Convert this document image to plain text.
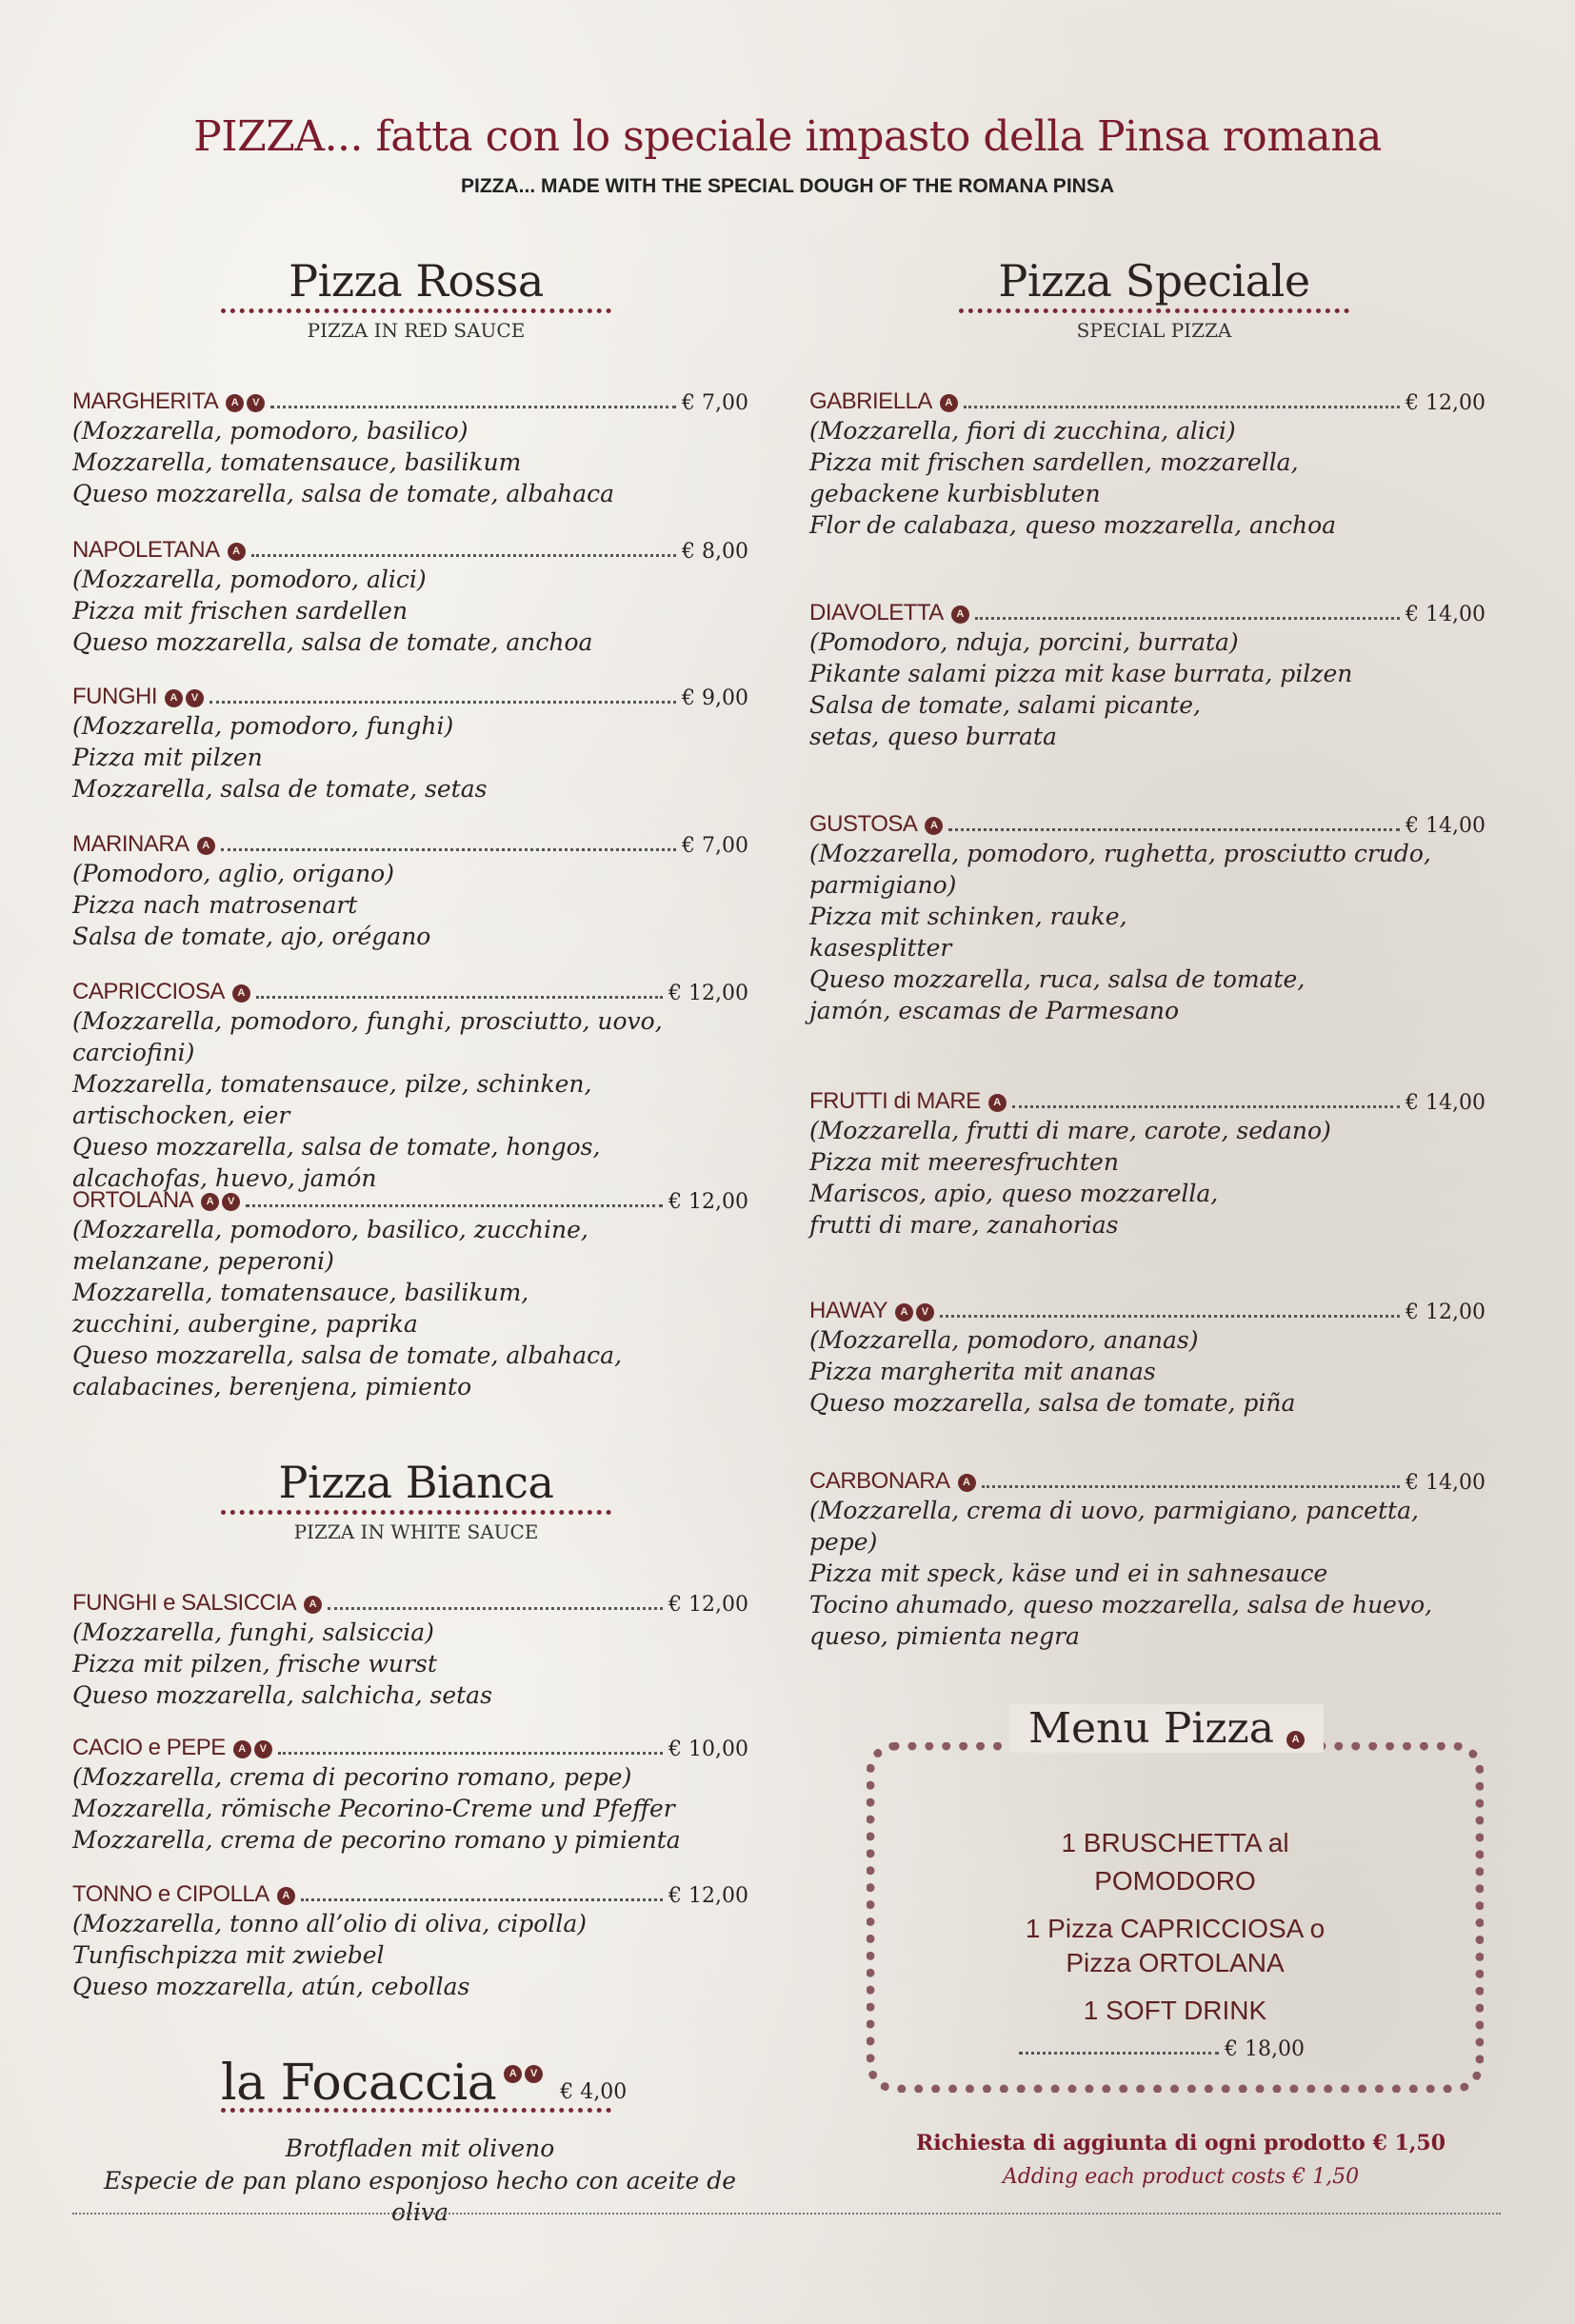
PIZZA... fatta con lo speciale impasto della Pinsa romana
PIZZA... MADE WITH THE SPECIAL DOUGH OF THE ROMANA PINSA
Pizza Rossa
PIZZA IN RED SAUCE
Pizza Speciale
SPECIAL PIZZA
Pizza Bianca
PIZZA IN WHITE SAUCE
MARGHERITA	A	V	€ 7,00
(Mozzarella, pomodoro, basilico)
Mozzarella, tomatensauce, basilikum
Queso mozzarella, salsa de tomate, albahaca
NAPOLETANA	A	€ 8,00
(Mozzarella, pomodoro, alici)
Pizza mit frischen sardellen
Queso mozzarella, salsa de tomate, anchoa
FUNGHI	A	V	€ 9,00
(Mozzarella, pomodoro, funghi)
Pizza mit pilzen
Mozzarella, salsa de tomate, setas
MARINARA	A	€ 7,00
(Pomodoro, aglio, origano)
Pizza nach matrosenart
Salsa de tomate, ajo, orégano
CAPRICCIOSA	A	€ 12,00
(Mozzarella, pomodoro, funghi, prosciutto, uovo, carciofini)
Mozzarella, tomatensauce, pilze, schinken,
artischocken, eier
Queso mozzarella, salsa de tomate, hongos,
alcachofas, huevo, jamón
ORTOLANA	A	V	€ 12,00
(Mozzarella, pomodoro, basilico, zucchine,
melanzane, peperoni)
Mozzarella, tomatensauce, basilikum,
zucchini, aubergine, paprika
Queso mozzarella, salsa de tomate, albahaca,
calabacines, berenjena, pimiento
FUNGHI e SALSICCIA	A	€ 12,00
(Mozzarella, funghi, salsiccia)
Pizza mit pilzen, frische wurst
Queso mozzarella, salchicha, setas
CACIO e PEPE	A	V	€ 10,00
(Mozzarella, crema di pecorino romano, pepe)
Mozzarella, römische Pecorino-Creme und Pfeffer
Mozzarella, crema de pecorino romano y pimienta
TONNO e CIPOLLA	A	€ 12,00
(Mozzarella, tonno all’olio di oliva, cipolla)
Tunfischpizza mit zwiebel
Queso mozzarella, atún, cebollas
GABRIELLA	A	€ 12,00
(Mozzarella, fiori di zucchina, alici)
Pizza mit frischen sardellen, mozzarella,
gebackene kurbisbluten
Flor de calabaza, queso mozzarella, anchoa
DIAVOLETTA	A	€ 14,00
(Pomodoro, nduja, porcini, burrata)
Pikante salami pizza mit kase burrata, pilzen
Salsa de tomate, salami picante,
setas, queso burrata
GUSTOSA	A	€ 14,00
(Mozzarella, pomodoro, rughetta, prosciutto crudo,
parmigiano)
Pizza mit schinken, rauke,
kasesplitter
Queso mozzarella, ruca, salsa de tomate,
jamón, escamas de Parmesano
FRUTTI di MARE	A	€ 14,00
(Mozzarella, frutti di mare, carote, sedano)
Pizza mit meeresfruchten
Mariscos, apio, queso mozzarella,
frutti di mare, zanahorias
HAWAY	A	V	€ 12,00
(Mozzarella, pomodoro, ananas)
Pizza margherita mit ananas
Queso mozzarella, salsa de tomate, piña
CARBONARA	A	€ 14,00
(Mozzarella, crema di uovo, parmigiano, pancetta, pepe)
Pizza mit speck, käse und ei in sahnesauce
Tocino ahumado, queso mozzarella, salsa de huevo,
queso, pimienta negra
la Focaccia	A	V
€ 4,00
Brotfladen mit oliveno
Especie de pan plano esponjoso hecho con aceite de oliva
Menu Pizza	A
1 BRUSCHETTA al
POMODORO
1 Pizza CAPRICCIOSA o
Pizza ORTOLANA
1 SOFT DRINK
€ 18,00
Richiesta di aggiunta di ogni prodotto € 1,50
Adding each product costs € 1,50
